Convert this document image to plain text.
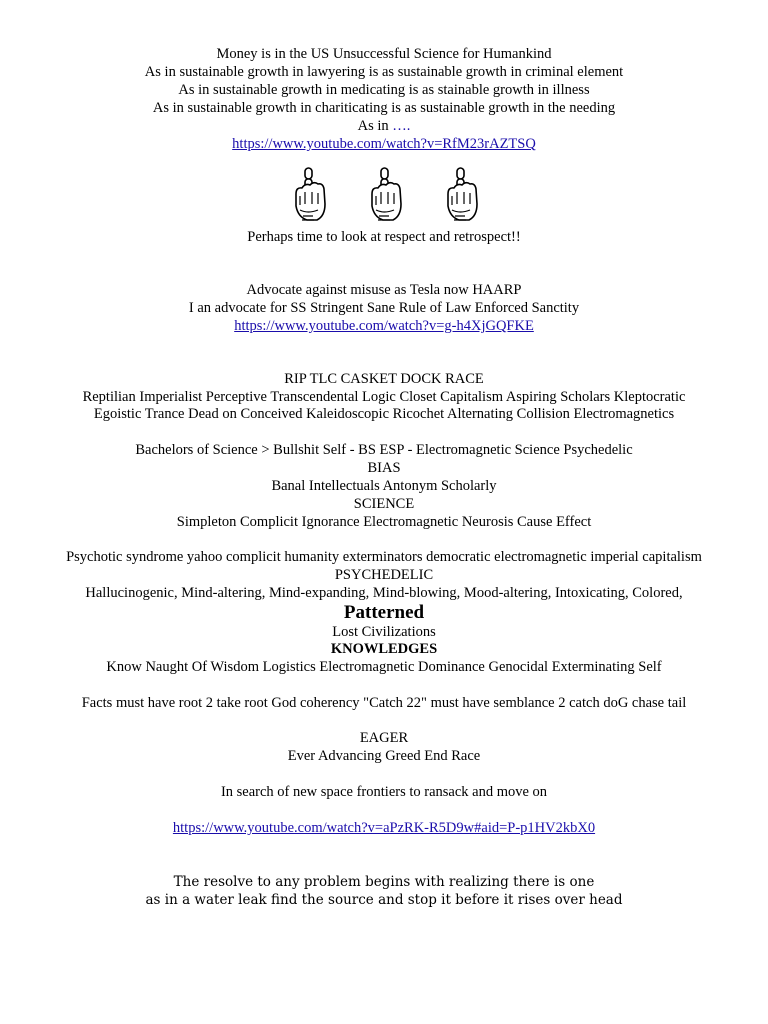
Money is in the US Unsuccessful Science for Humankind
As in sustainable growth in lawyering is as sustainable growth in criminal element
As in sustainable growth in medicating is as stainable growth in illness
As in sustainable growth in chariticating is as sustainable growth in the needing
As in ….
https://www.youtube.com/watch?v=RfM23rAZTSQ
Perhaps time to look at respect and retrospect!!
Advocate against misuse as Tesla now HAARP
I an advocate for SS Stringent Sane Rule of Law Enforced Sanctity
https://www.youtube.com/watch?v=g-h4XjGQFKE
RIP TLC CASKET DOCK RACE
Reptilian Imperialist Perceptive Transcendental Logic Closet Capitalism Aspiring Scholars Kleptocratic
Egoistic Trance Dead on Conceived Kaleidoscopic Ricochet Alternating Collision Electromagnetics
Bachelors of Science > Bullshit Self - BS ESP - Electromagnetic Science Psychedelic
BIAS
Banal Intellectuals Antonym Scholarly
SCIENCE
Simpleton Complicit Ignorance Electromagnetic Neurosis Cause Effect
Psychotic syndrome yahoo complicit humanity exterminators democratic electromagnetic imperial capitalism
PSYCHEDELIC
Hallucinogenic, Mind-altering, Mind-expanding, Mind-blowing, Mood-altering, Intoxicating, Colored,
Patterned
Lost Civilizations
KNOWLEDGES
Know Naught Of Wisdom Logistics Electromagnetic Dominance Genocidal Exterminating Self
Facts must have root 2 take root God coherency "Catch 22" must have semblance 2 catch doG chase tail
EAGER
Ever Advancing Greed End Race
In search of new space frontiers to ransack and move on
https://www.youtube.com/watch?v=aPzRK-R5D9w#aid=P-p1HV2kbX0
The resolve to any problem begins with realizing there is one
as in a water leak find the source and stop it before it rises over head
